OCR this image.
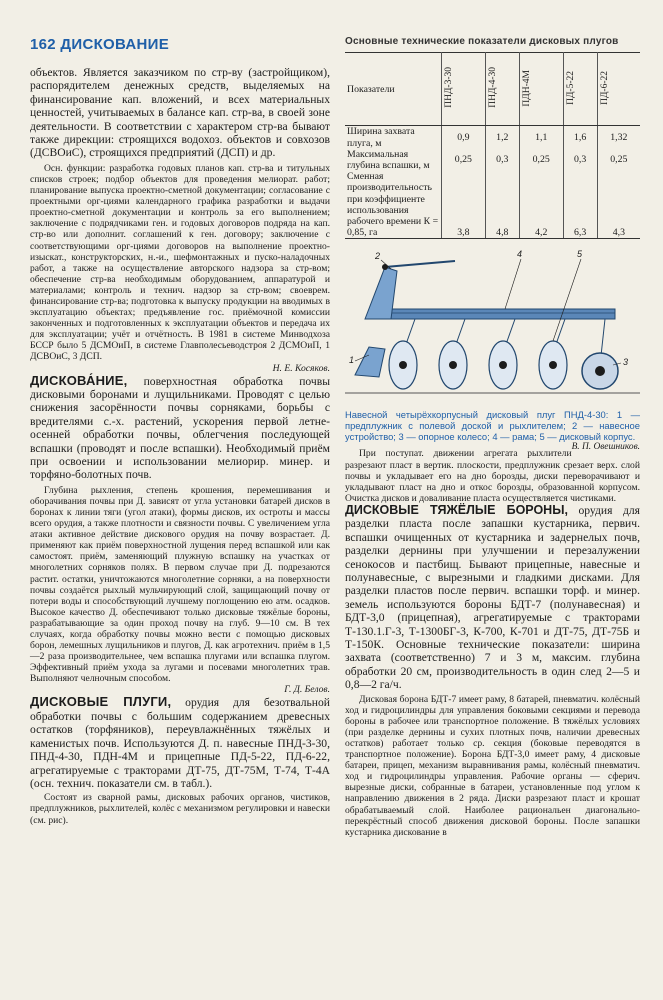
162 ДИСКОВАНИЕ

объектов. Является заказчиком по стр-ву (застройщиком), распорядителем денежных средств, выделяемых на финансирование кап. вложений, и всех материальных ценностей, учитываемых в балансе кап. стр-ва, в своей зоне деятельности. В соответствии с характером стр-ва бывают также дирекции: строящихся водохоз. объектов и совхозов (ДСВОиС), строящихся предприятий (ДСП) и др.

Осн. функции: разработка годовых планов кап. стр-ва и титульных списков строек; подбор объектов для проведения мелиорат. работ; планирование выпуска проектно-сметной документации; согласование с проектными орг-циями календарного графика разработки и выдачи проектно-сметной документации и контроль за его выполнением; заключение с подрядчиками ген. и годовых договоров подряда на кап. стр-во или дополнит. соглашений к ген. договору; заключение с соответствующими орг-циями договоров на выполнение проектно-изыскат., конструкторских, н.-и., шефмонтажных и пуско-наладочных работ, а также на осуществление авторского надзора за стр-вом; обеспечение стр-ва необходимым оборудованием, аппаратурой и материалами; контроль и технич. надзор за стр-вом; своеврем. финансирование стр-ва; подготовка к выпуску продукции на вводимых в эксплуатацию объектах; предъявление гос. приёмочной комиссии законченных и подготовленных к эксплуатации объектов и передача их для эксплуатации; учёт и отчётность. В 1981 в системе Минводхоза БССР было 5 ДСМОиП, в системе Главполесьеводстроя 2 ДСМОиП, 1 ДСВОиС, 3 ДСП.

Н. Е. Косяков.

ДИСКОВА́НИЕ, поверхностная обработка почвы дисковыми боронами и лущильниками. Проводят с целью снижения засорённости почвы сорняками, борьбы с вредителями с.-х. растений, ускорения первой летне-осенней обработки почвы, облегчения последующей вспашки (проводят и после вспашки). Необходимый приём при освоении и использовании мелиорир. минер. и торфяно-болотных почв.

Глубина рыхления, степень крошения, перемешивания и оборачивания почвы при Д. зависят от угла установки батарей дисков в боронах к линии тяги (угол атаки), формы дисков, их остроты и массы всего орудия, а также плотности и связности почвы. С увеличением угла атаки активное действие дискового орудия на почву возрастает. Д. применяют как приём поверхностной лущения перед вспашкой или как самостоят. приём, заменяющий плужную вспашку на участках от многолетних сорняков полях. В первом случае при Д. подрезаются растит. остатки, уничтожаются многолетние сорняки, а на поверхности почвы создаётся рыхлый мульчирующий слой, защищающий почву от потери воды и способствующий лучшему поглощению ею атм. осадков. Высокое качество Д. обеспечивают только дисковые тяжёлые бороны, разрабатывающие за один проход почву на глуб. 9—10 см. В тех случаях, когда обработку почвы можно вести с помощью дисковых борон, лемешных лущильников и плугов, Д. как агротехнич. приём в 1,5—2 раза производительнее, чем вспашка плугами или вспашка плугом. Эффективный приём ухода за лугами и посевами многолетних трав. Выполняют челночным способом.

Г. Д. Белов.

ДИСКОВЫЕ ПЛУГИ, орудия для безотвальной обработки почвы с большим содержанием древесных остатков (торфяников), переувлажнённых тяжёлых и каменистых почв. Используются Д. п. навесные ПНД-3-30, ПНД-4-30, ПДН-4М и прицепные ПД-5-22, ПД-6-22, агрегатируемые с тракторами ДТ-75, ДТ-75М, Т-74, Т-4А (осн. технич. показатели см. в табл.).

Состоят из сварной рамы, дисковых рабочих органов, чистиков, предплужников, рыхлителей, колёс с механизмом регулировки и навески (см. рис).

Основные технические показатели дисковых плугов
Показатели	ПНД-3-30	ПНД-4-30	ПДН-4М	ПД-5-22	ПД-6-22
Ширина захвата плуга, м	0,9	1,2	1,1	1,6	1,32
Максимальная глубина вспашки, м	0,25	0,3	0,25	0,3	0,25
Сменная производительность при коэффициенте использования рабочего времени К = 0,85, га	3,8	4,8	4,2	6,3	4,3
1
2
3
4	5
Навесной четырёхкорпусный дисковый плуг ПНД-4-30: 1 — предплужник с полевой доской и рыхлителем; 2 — навесное устройство; 3 — опорное колесо; 4 — рама; 5 — дисковый корпус.
В. П. Овешников.

При поступат. движении агрегата рыхлители разрезают пласт в вертик. плоскости, предплужник срезает верх. слой почвы и укладывает его на дно борозды, диски переворачивают и укладывают пласт на дно и откос борозды, образованной корпусом. Очистка дисков и доваливание пласта осуществляется чистиками.

ДИСКОВЫЕ ТЯЖЁЛЫЕ БОРОНЫ, орудия для разделки пласта после запашки кустарника, первич. вспашки очищенных от кустарника и задернелых почв, разделки дернины при улучшении и перезалужении сенокосов и пастбищ. Бывают прицепные, навесные и полунавесные, с вырезными и гладкими дисками. Для разделки пластов после первич. вспашки торф. и минер. земель используются бороны БДТ-7 (полунавесная) и БДТ-3,0 (прицепная), агрегатируемые с тракторами Т-130.1.Г-3, Т-1300БГ-3, К-700, К-701 и ДТ-75, ДТ-75Б и Т-150К. Основные технические показатели: ширина захвата (соответственно) 7 и 3 м, максим. глубина обработки 20 см, производительность в один след 2—5 и 0,8—2 га/ч.

Дисковая борона БДТ-7 имеет раму, 8 батарей, пневматич. колёсный ход и гидроцилиндры для управления боковыми секциями и перевода бороны в рабочее или транспортное положение. В тяжёлых условиях (при разделке дернины и сухих плотных почв, наличии древесных остатков) работает только ср. секция (боковые переводятся в транспортное положение). Борона БДТ-3,0 имеет раму, 4 дисковые батареи, прицеп, механизм выравнивания рамы, колёсный пневматич. ход и гидроцилиндры управления. Рабочие органы — сферич. вырезные диски, собранные в батареи, установленные под углом к направлению движения в 2 ряда. Диски разрезают пласт и крошат обрабатываемый слой. Наиболее рациональен диагонально-перекрёстный способ движения дисковой бороны. После запашки кустарника дискование в
